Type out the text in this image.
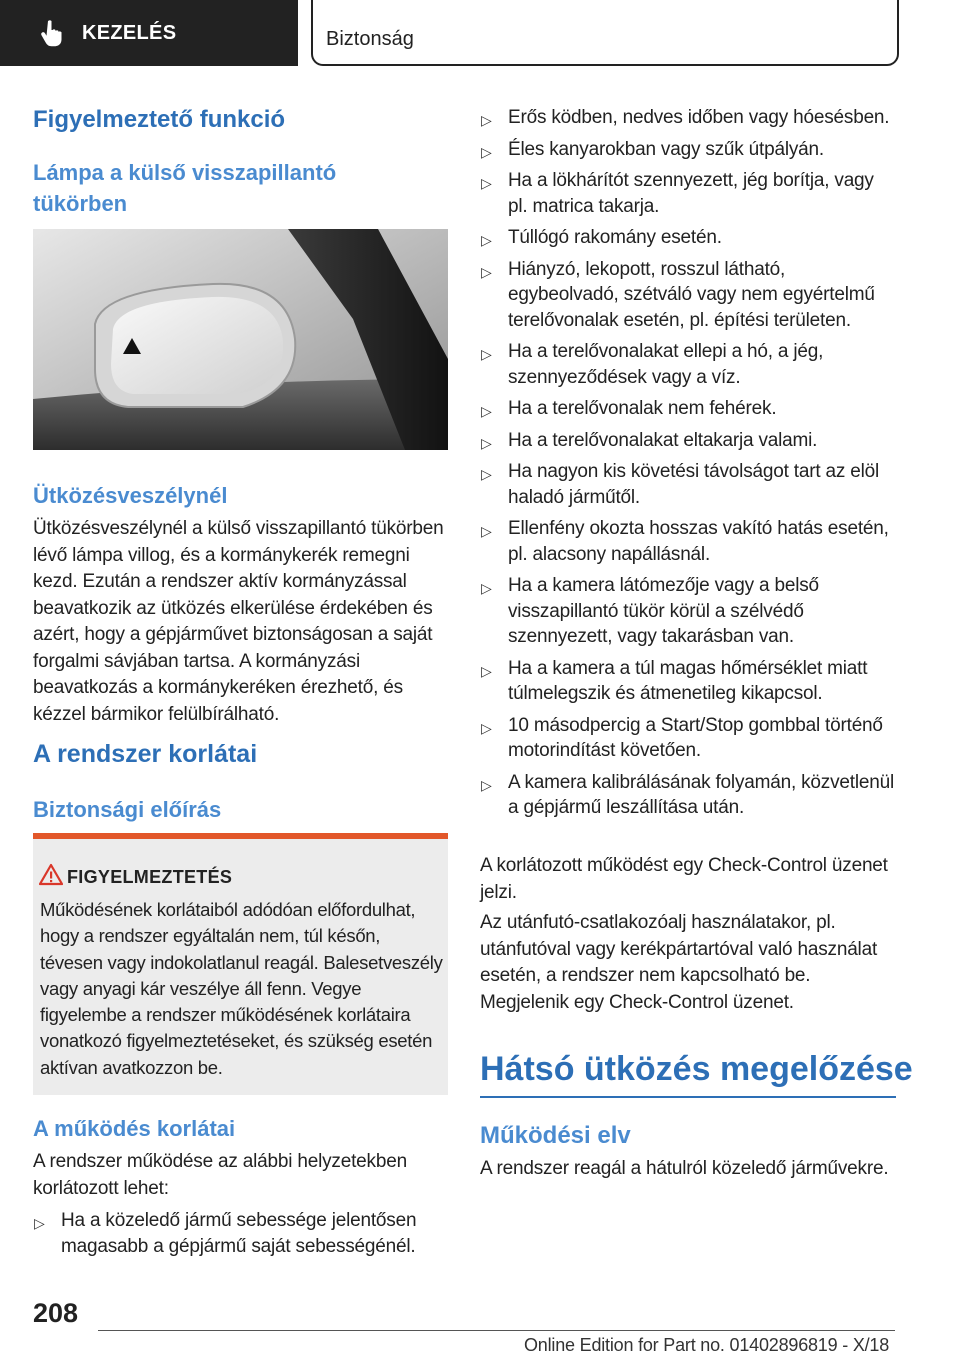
KEZELÉS	Biztonság
Figyelmeztető funkció
Lámpa a külső visszapillantó tükörben
Ütközésveszélynél
Ütközésveszélynél a külső visszapillantó tükörben lévő lámpa villog, és a kormánykerék remegni kezd. Ezután a rendszer aktív kormányzással beavatkozik az ütközés elkerülése érdekében és azért, hogy a gépjárművet biztonságosan a saját forgalmi sávjában tartsa. A kormányzási beavatkozás a kormánykeréken érezhető, és kézzel bármikor felülbírálható.
A rendszer korlátai
Biztonsági előírás
FIGYELMEZTETÉS
Működésének korlátaiból adódóan előfordulhat, hogy a rendszer egyáltalán nem, túl későn, tévesen vagy indokolatlanul reagál. Balesetveszély vagy anyagi kár veszélye áll fenn. Vegye figyelembe a rendszer működésének korlátaira vonatkozó figyelmeztetéseket, és szükség esetén aktívan avatkozzon be.
A működés korlátai
A rendszer működése az alábbi helyzetekben korlátozott lehet:
▷ Ha a közeledő jármű sebessége jelentősen magasabb a gépjármű saját sebességénél.
▷ Erős ködben, nedves időben vagy hóesésben.
▷ Éles kanyarokban vagy szűk útpályán.
▷ Ha a lökhárítót szennyezett, jég borítja, vagy pl. matrica takarja.
▷ Túllógó rakomány esetén.
▷ Hiányzó, lekopott, rosszul látható, egybeolvadó, szétváló vagy nem egyértelmű terelővonalak esetén, pl. építési területen.
▷ Ha a terelővonalakat ellepi a hó, a jég, szennyeződések vagy a víz.
▷ Ha a terelővonalak nem fehérek.
▷ Ha a terelővonalakat eltakarja valami.
▷ Ha nagyon kis követési távolságot tart az elöl haladó járműtől.
▷ Ellenfény okozta hosszas vakító hatás esetén, pl. alacsony napállásnál.
▷ Ha a kamera látómezője vagy a belső visszapillantó tükör körül a szélvédő szennyezett, vagy takarásban van.
▷ Ha a kamera a túl magas hőmérséklet miatt túlmelegszik és átmenetileg kikapcsol.
▷ 10 másodpercig a Start/Stop gombbal történő motorindítást követően.
▷ A kamera kalibrálásának folyamán, közvetlenül a gépjármű leszállítása után.
A korlátozott működést egy Check-Control üzenet jelzi.
Az utánfutó-csatlakozóalj használatakor, pl. utánfutóval vagy kerékpártartóval való használat esetén, a rendszer nem kapcsolható be. Megjelenik egy Check-Control üzenet.
Hátsó ütközés megelőzése
Működési elv
A rendszer reagál a hátulról közeledő járművekre.
208
Online Edition for Part no. 01402896819 - X/18
